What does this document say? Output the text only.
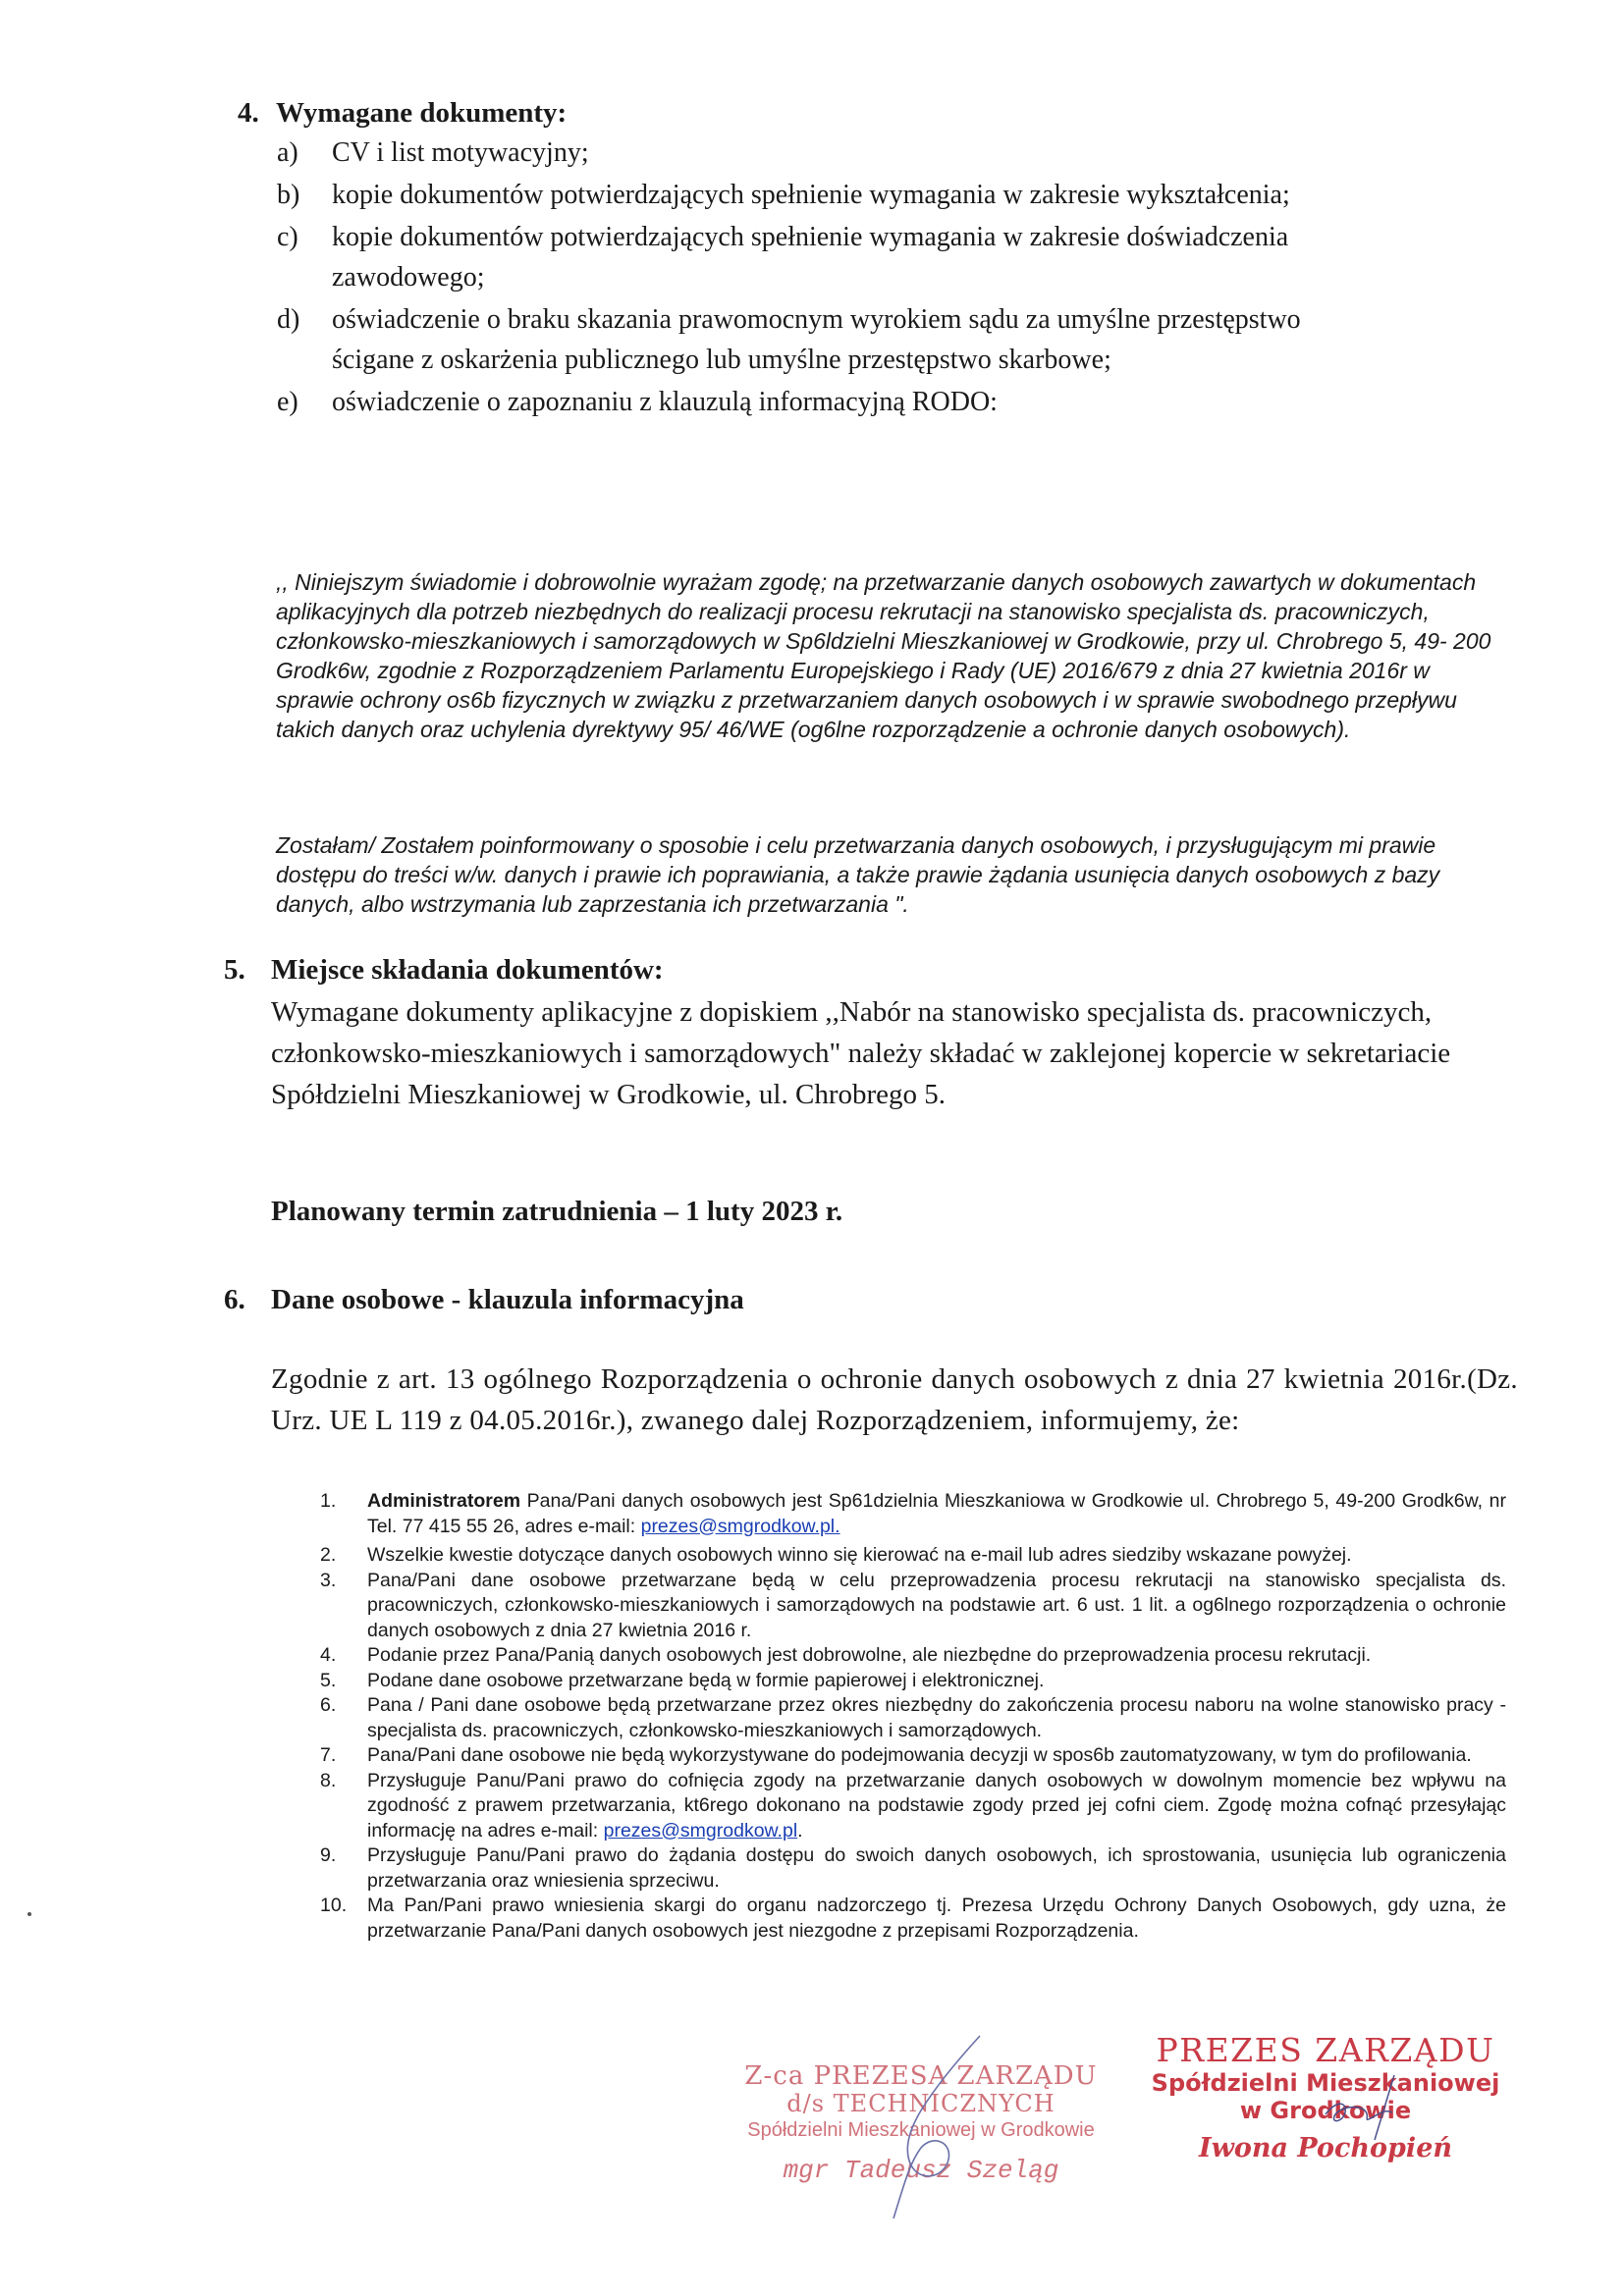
4. Wymagane dokumenty:
a) CV i list motywacyjny;
b) kopie dokumentów potwierdzających spełnienie wymagania w zakresie wykształcenia;
c) kopie dokumentów potwierdzających spełnienie wymagania w zakresie doświadczenia zawodowego;
d) oświadczenie o braku skazania prawomocnym wyrokiem sądu za umyślne przestępstwo ścigane z oskarżenia publicznego lub umyślne przestępstwo skarbowe;
e) oświadczenie o zapoznaniu z klauzulą informacyjną RODO:

,, Niniejszym świadomie i dobrowolnie wyrażam zgodę; na przetwarzanie danych osobowych zawartych w dokumentach aplikacyjnych dla potrzeb niezbędnych do realizacji procesu rekrutacji na stanowisko specjalista ds. pracowniczych, członkowsko-mieszkaniowych i samorządowych w Sp6ldzielni Mieszkaniowej w Grodkowie, przy ul. Chrobrego 5, 49- 200 Grodk6w, zgodnie z Rozporządzeniem Parlamentu Europejskiego i Rady (UE) 2016/679 z dnia 27 kwietnia 2016r w sprawie ochrony os6b fizycznych w związku z przetwarzaniem danych osobowych i w sprawie swobodnego przepływu takich danych oraz uchylenia dyrektywy 95/ 46/WE (og6lne rozporządzenie a ochronie danych osobowych).

Zostałam/ Zostałem poinformowany o sposobie i celu przetwarzania danych osobowych, i przysługującym mi prawie dostępu do treści w/w. danych i prawie ich poprawiania, a także prawie żądania usunięcia danych osobowych z bazy danych, albo wstrzymania lub zaprzestania ich przetwarzania ".

5. Miejsce składania dokumentów:

Wymagane dokumenty aplikacyjne z dopiskiem ,,Nabór na stanowisko specjalista ds. pracowniczych, członkowsko-mieszkaniowych i samorządowych" należy składać w zaklejonej kopercie w sekretariacie Spółdzielni Mieszkaniowej w Grodkowie, ul. Chrobrego 5.

Planowany termin zatrudnienia – 1 luty 2023 r.
6. Dane osobowe - klauzula informacyjna

Zgodnie z art. 13 ogólnego Rozporządzenia o ochronie danych osobowych z dnia 27 kwietnia 2016r.(Dz. Urz. UE L 119 z 04.05.2016r.), zwanego dalej Rozporządzeniem, informujemy, że:

1. Administratorem Pana/Pani danych osobowych jest Sp61dzielnia Mieszkaniowa w Grodkowie ul. Chrobrego 5, 49-200 Grodk6w, nr Tel. 77 415 55 26, adres e-mail: prezes@smgrodkow.pl.
2. Wszelkie kwestie dotyczące danych osobowych winno się kierować na e-mail lub adres siedziby wskazane powyżej.
3. Pana/Pani dane osobowe przetwarzane będą w celu przeprowadzenia procesu rekrutacji na stanowisko specjalista ds. pracowniczych, członkowsko-mieszkaniowych i samorządowych na podstawie art. 6 ust. 1 lit. a og6lnego rozporządzenia o ochronie danych osobowych z dnia 27 kwietnia 2016 r.
4. Podanie przez Pana/Panią danych osobowych jest dobrowolne, ale niezbędne do przeprowadzenia procesu rekrutacji.
5. Podane dane osobowe przetwarzane będą w formie papierowej i elektronicznej.
6. Pana / Pani dane osobowe będą przetwarzane przez okres niezbędny do zakończenia procesu naboru na wolne stanowisko pracy - specjalista ds. pracowniczych, członkowsko-mieszkaniowych i samorządowych.
7. Pana/Pani dane osobowe nie będą wykorzystywane do podejmowania decyzji w spos6b zautomatyzowany, w tym do profilowania.
8. Przysługuje Panu/Pani prawo do cofnięcia zgody na przetwarzanie danych osobowych w dowolnym momencie bez wpływu na zgodność z prawem przetwarzania, kt6rego dokonano na podstawie zgody przed jej cofni ciem. Zgodę można cofnąć przesyłając informację na adres e-mail: prezes@smgrodkow.pl.
9. Przysługuje Panu/Pani prawo do żądania dostępu do swoich danych osobowych, ich sprostowania, usunięcia lub ograniczenia przetwarzania oraz wniesienia sprzeciwu.
10. Ma Pan/Pani prawo wniesienia skargi do organu nadzorczego tj. Prezesa Urzędu Ochrony Danych Osobowych, gdy uzna, że przetwarzanie Pana/Pani danych osobowych jest niezgodne z przepisami Rozporządzenia.
Z-ca PREZESA ZARZĄDU
d/s TECHNICZNYCH
Spółdzielni Mieszkaniowej w Grodkowie
mgr Tadeusz Szeląg
PREZES ZARZĄDU
Spółdzielni Mieszkaniowej
w Grodkowie
Iwona Pochopień
